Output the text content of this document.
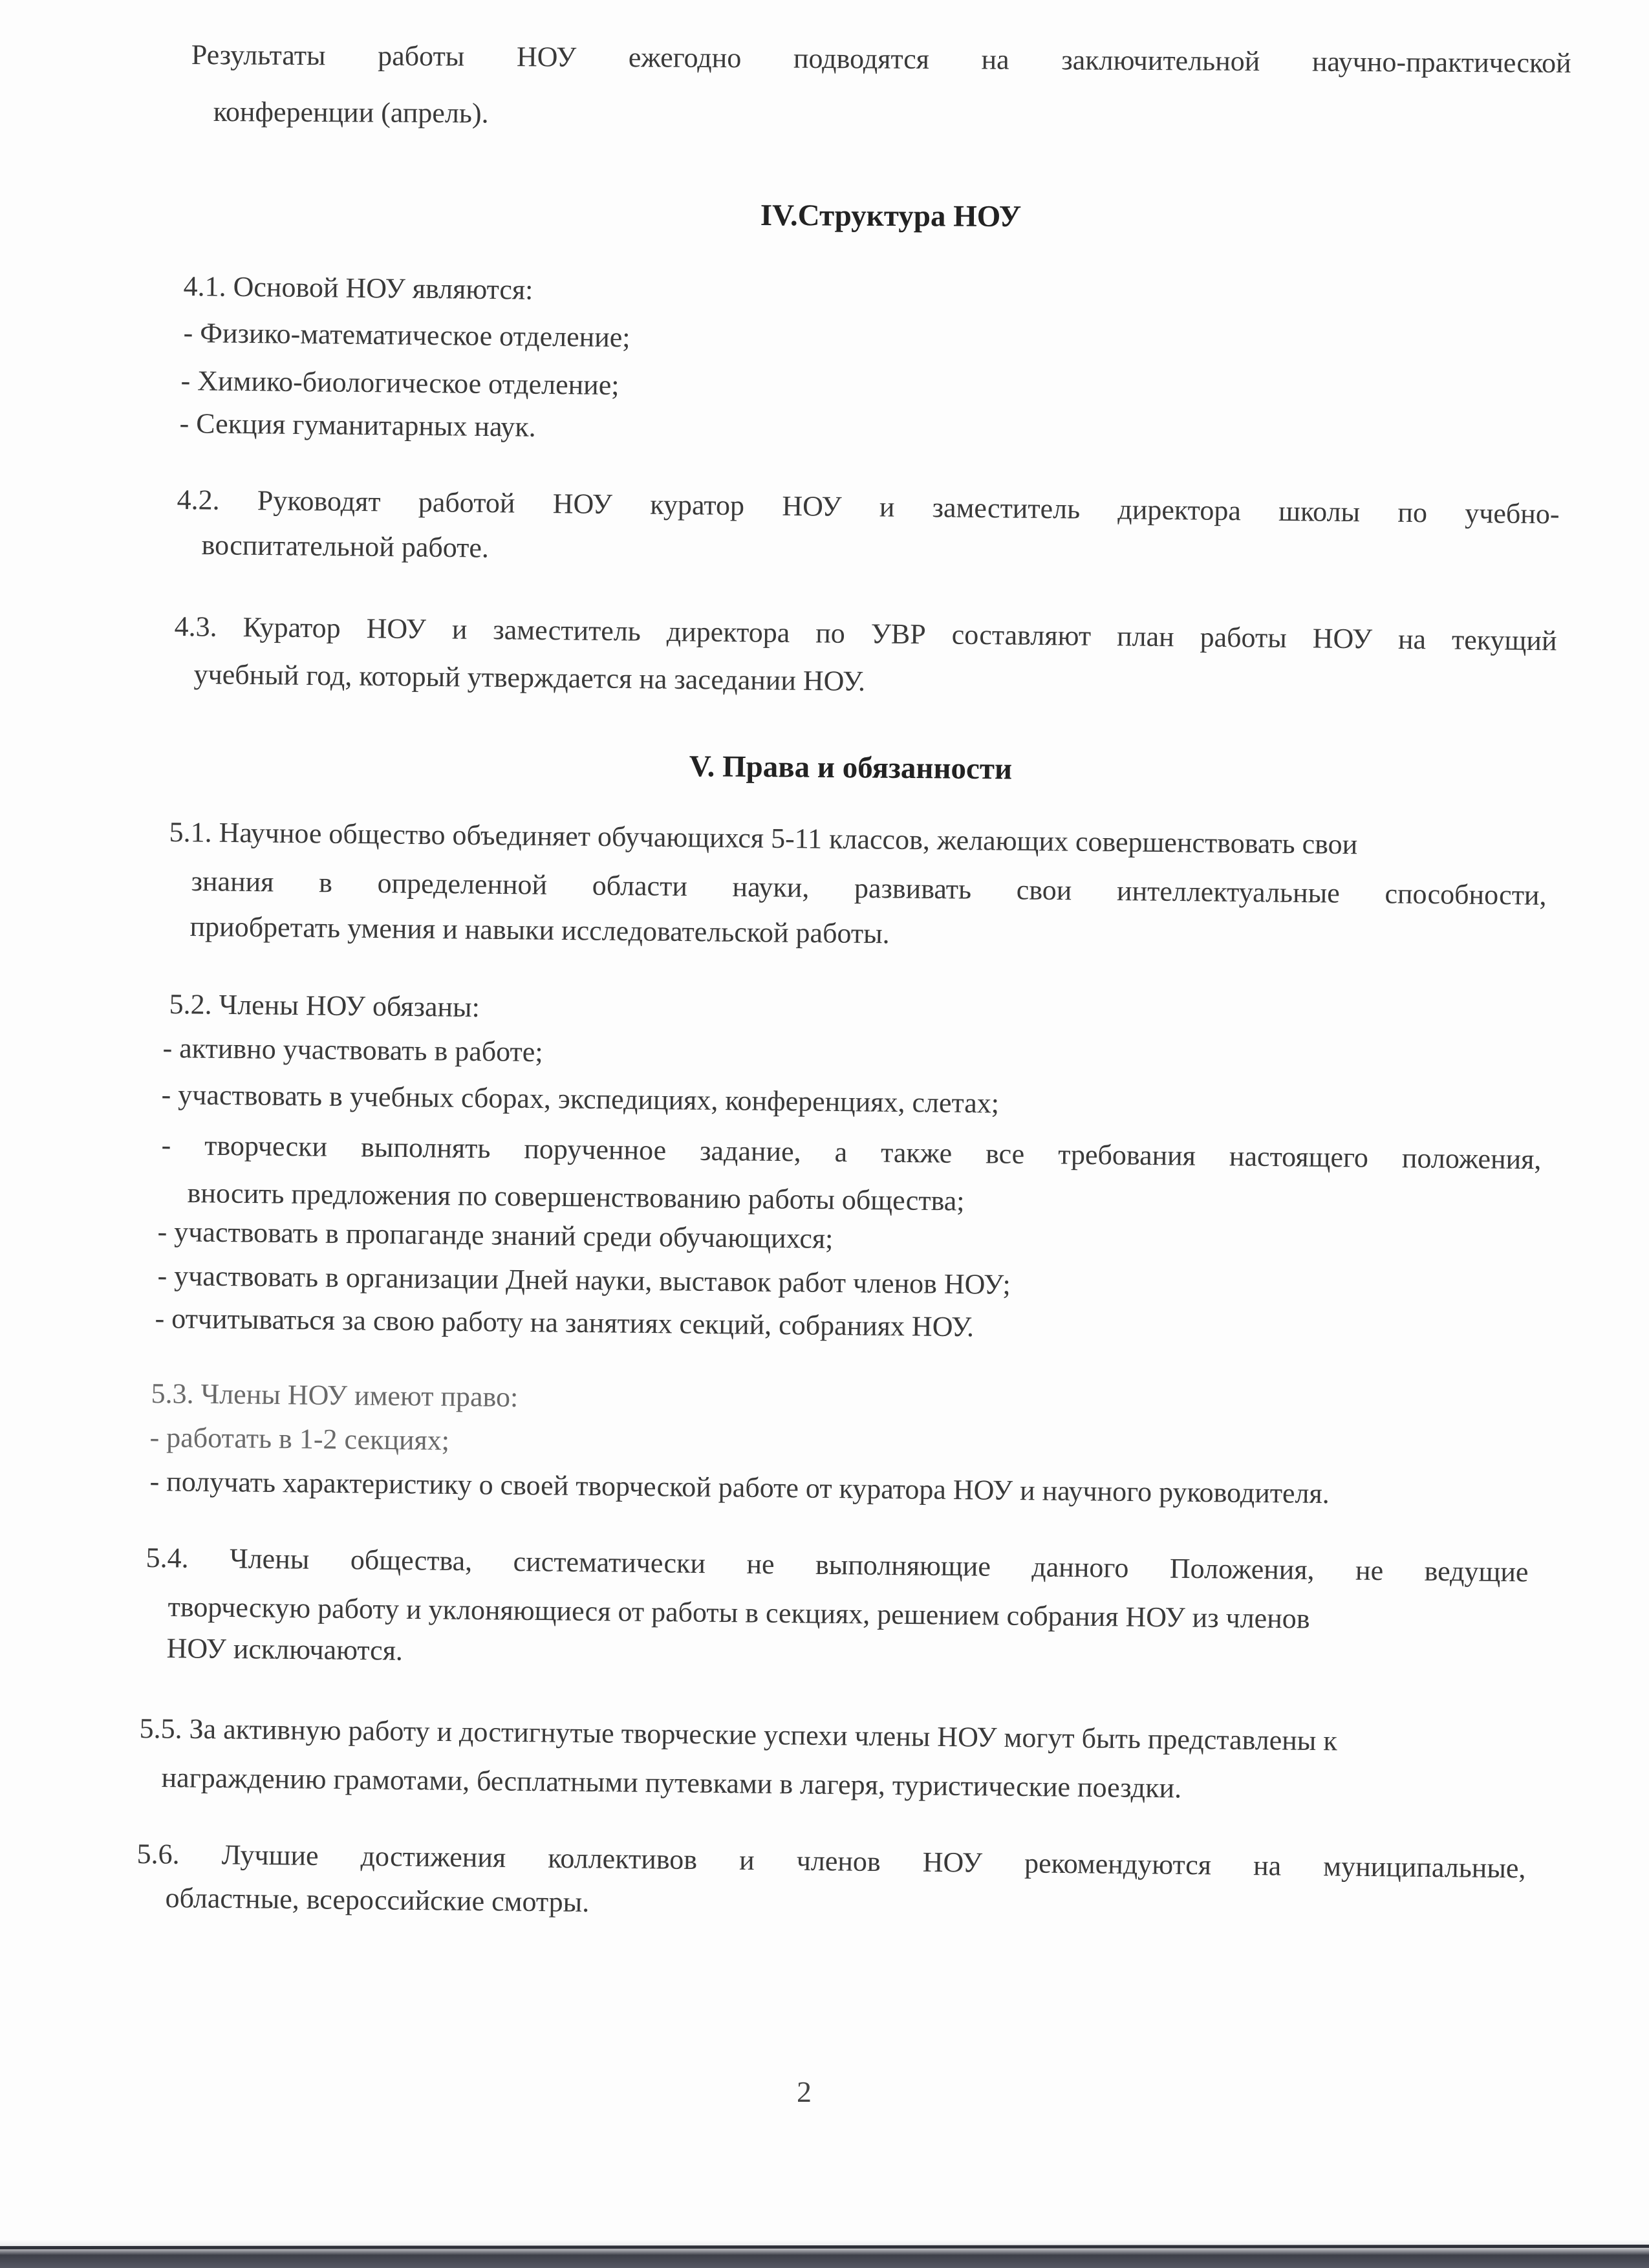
Результаты работы НОУ ежегодно подводятся на заключительной научно-практической
конференции (апрель).
IV.Структура НОУ
4.1. Основой НОУ являются:
- Физико-математическое отделение;
- Химико-биологическое отделение;
- Секция гуманитарных наук.
4.2. Руководят работой НОУ куратор НОУ и заместитель директора школы по учебно-
воспитательной работе.
4.3. Куратор НОУ и заместитель директора по УВР составляют план работы НОУ на текущий
учебный год, который утверждается на заседании НОУ.
V. Права и обязанности
5.1. Научное общество объединяет обучающихся 5-11 классов, желающих совершенствовать свои
знания в определенной области науки, развивать свои интеллектуальные способности,
приобретать умения и навыки исследовательской работы.
5.2. Члены НОУ обязаны:
- активно участвовать в работе;
- участвовать в учебных сборах, экспедициях, конференциях, слетах;
- творчески выполнять порученное задание, а также все требования настоящего положения,
вносить предложения по совершенствованию работы общества;
- участвовать в пропаганде знаний среди обучающихся;
- участвовать в организации Дней науки, выставок работ членов НОУ;
- отчитываться за свою работу на занятиях секций, собраниях НОУ.
5.3. Члены НОУ имеют право:
- работать в 1-2 секциях;
- получать характеристику о своей творческой работе от куратора НОУ и научного руководителя.
5.4. Члены общества, систематически не выполняющие данного Положения, не ведущие
творческую работу и уклоняющиеся от работы в секциях, решением собрания НОУ из членов
НОУ исключаются.
5.5. За активную работу и достигнутые творческие успехи члены НОУ могут быть представлены к
награждению грамотами, бесплатными путевками в лагеря, туристические поездки.
5.6. Лучшие достижения коллективов и членов НОУ рекомендуются на муниципальные,
областные, всероссийские смотры.
2
